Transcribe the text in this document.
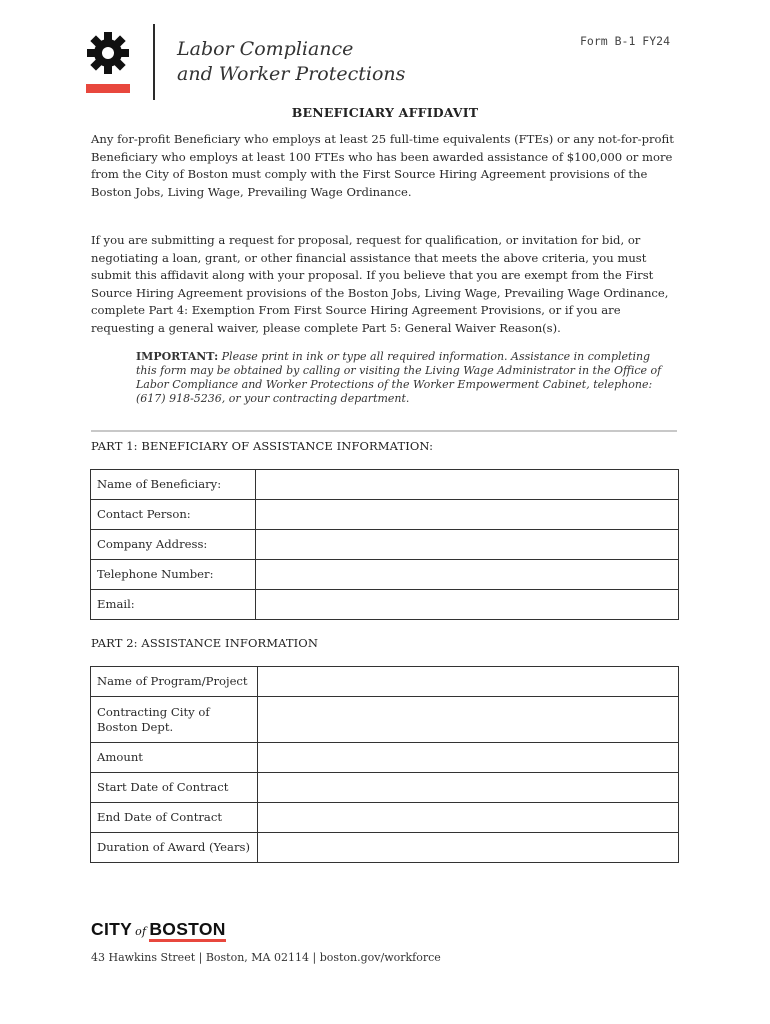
Labor Compliance
and Worker Protections

Form B-1 FY24

BENEFICIARY AFFIDAVIT

Any for-profit Beneficiary who employs at least 25 full-time equivalents (FTEs) or any not-for-profit Beneficiary who employs at least 100 FTEs who has been awarded assistance of $100,000 or more from the City of Boston must comply with the First Source Hiring Agreement provisions of the Boston Jobs, Living Wage, Prevailing Wage Ordinance.

If you are submitting a request for proposal, request for qualification, or invitation for bid, or negotiating a loan, grant, or other financial assistance that meets the above criteria, you must submit this affidavit along with your proposal. If you believe that you are exempt from the First Source Hiring Agreement provisions of the Boston Jobs, Living Wage, Prevailing Wage Ordinance, complete Part 4: Exemption From First Source Hiring Agreement Provisions, or if you are requesting a general waiver, please complete Part 5: General Waiver Reason(s).

IMPORTANT: Please print in ink or type all required information. Assistance in completing this form may be obtained by calling or visiting the Living Wage Administrator in the Office of Labor Compliance and Worker Protections of the Worker Empowerment Cabinet, telephone: (617) 918-5236, or your contracting department.

PART 1: BENEFICIARY OF ASSISTANCE INFORMATION:
Name of Beneficiary:	
Contact Person:	
Company Address:	
Telephone Number:	
Email:	
PART 2: ASSISTANCE INFORMATION
Name of Program/Project	
Contracting City of Boston Dept.	
Amount	
Start Date of Contract	
End Date of Contract	
Duration of Award (Years)	

CITY of BOSTON

43 Hawkins Street | Boston, MA 02114 | boston.gov/workforce
